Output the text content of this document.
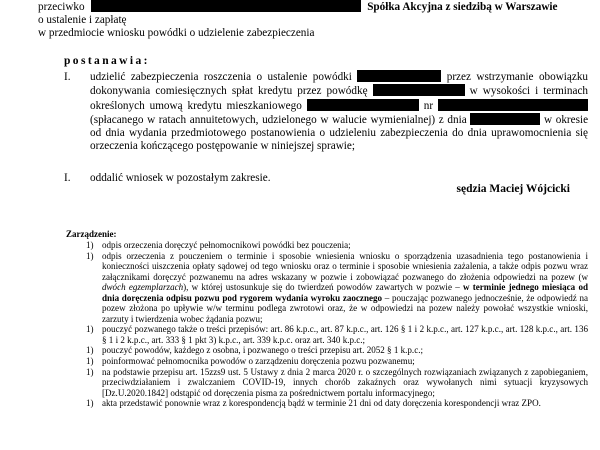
przeciwko	Spółka Akcyjna z siedzibą w Warszawie
o ustalenie i zapłatę
w przedmiocie wniosku powódki o udzielenie zabezpieczenia
postanawia:
I. udzielić zabezpieczenia roszczenia o ustalenie powódki	przez wstrzymanie obowiązku dokonywania comiesięcznych spłat kredytu przez powódkę	w wysokości i terminach określonych umową kredytu mieszkaniowego	nr  (spłacanego w ratach annuitetowych, udzielonego w walucie wymienialnej) z dnia	w okresie od dnia wydania przedmiotowego postanowienia o udzieleniu zabezpieczenia do dnia uprawomocnienia się orzeczenia kończącego postępowanie w niniejszej sprawie;
I. oddalić wniosek w pozostałym zakresie.
sędzia Maciej Wójcicki
Zarządzenie:
1) odpis orzeczenia doręczyć pełnomocnikowi powódki bez pouczenia;
1) odpis orzeczenia z pouczeniem o terminie i sposobie wniesienia wniosku o sporządzenia uzasadnienia tego postanowienia i konieczności uiszczenia opłaty sądowej od tego wniosku oraz o terminie i sposobie wniesienia zażalenia, a także odpis pozwu wraz załącznikami doręczyć pozwanemu na adres wskazany w pozwie i zobowiązać pozwanego do złożenia odpowiedzi na pozew (w dwóch egzemplarzach), w której ustosunkuje się do twierdzeń powodów zawartych w pozwie – w terminie jednego miesiąca od dnia doręczenia odpisu pozwu pod rygorem wydania wyroku zaocznego – pouczając pozwanego jednocześnie, że odpowiedź na pozew złożona po upływie w/w terminu podlega zwrotowi oraz, że w odpowiedzi na pozew należy powołać wszystkie wnioski, zarzuty i twierdzenia wobec żądania pozwu;
1) pouczyć pozwanego także o treści przepisów: art. 86 k.p.c., art. 87 k.p.c., art. 126 § 1 i 2 k.p.c., art. 127 k.p.c., art. 128 k.p.c., art. 136 § 1 i 2 k.p.c., art. 333 § 1 pkt 3) k.p.c., art. 339 k.p.c. oraz art. 340 k.p.c.;
1) pouczyć powodów, każdego z osobna, i pozwanego o treści przepisu art. 2052 § 1 k.p.c.;
1) poinformować pełnomocnika powodów o zarządzeniu doręczenia pozwu pozwanemu;
1) na podstawie przepisu art. 15zzs9 ust. 5 Ustawy z dnia 2 marca 2020 r. o szczególnych rozwiązaniach związanych z zapobieganiem, przeciwdziałaniem i zwalczaniem COVID-19, innych chorób zakaźnych oraz wywołanych nimi sytuacji kryzysowych [Dz.U.2020.1842] odstąpić od doręczenia pisma za pośrednictwem portalu informacyjnego;
1) akta przedstawić ponownie wraz z korespondencją bądź w terminie 21 dni od daty doręczenia korespondencji wraz ZPO.
